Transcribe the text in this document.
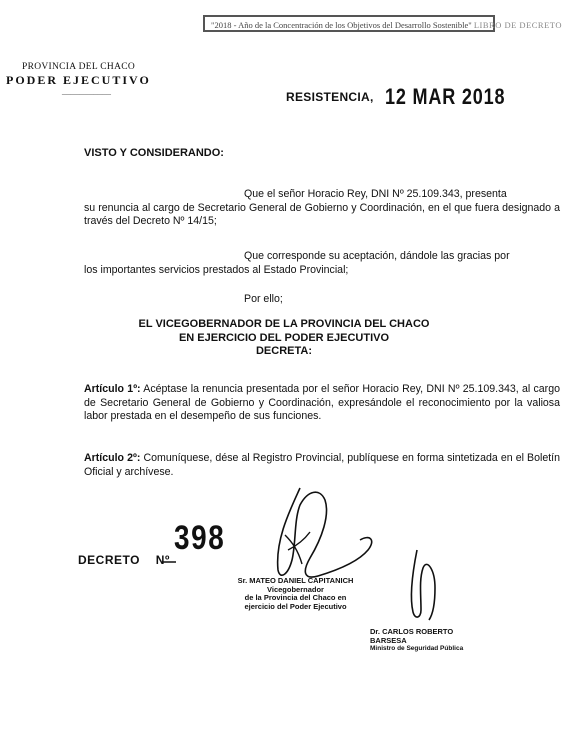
"2018 - Año de la Concentración de los Objetivos del Desarrollo Sostenible" LIBRO DE DECRETO
PROVINCIA DEL CHACO
PODER EJECUTIVO
___________	RESISTENCIA, 12 MAR 2018
VISTO Y CONSIDERANDO:
Que el señor Horacio Rey, DNI Nº 25.109.343, presenta
su renuncia al cargo de Secretario General de Gobierno y Coordinación, en el que fuera designado a través del Decreto Nº 14/15;
Que corresponde su aceptación, dándole las gracias por
los importantes servicios prestados al Estado Provincial;
Por ello;
EL VICEGOBERNADOR DE LA PROVINCIA DEL CHACO
EN EJERCICIO DEL PODER EJECUTIVO
DECRETA:
Artículo 1º: Acéptase la renuncia presentada por el señor Horacio Rey, DNI Nº 25.109.343, al cargo de Secretario General de Gobierno y Coordinación, expresándole el reconocimiento por la valiosa labor prestada en el desempeño de sus funciones.
Artículo 2º: Comuníquese, dése al Registro Provincial, publíquese en forma sintetizada en el Boletín Oficial y archívese.
DECRETO Nº
398
Sr. MATEO DANIEL CAPITANICH
Vicegobernador
de la Provincia del Chaco en
ejercicio del Poder Ejecutivo
Dr. CARLOS ROBERTO BARSESA
Ministro de Seguridad Pública
